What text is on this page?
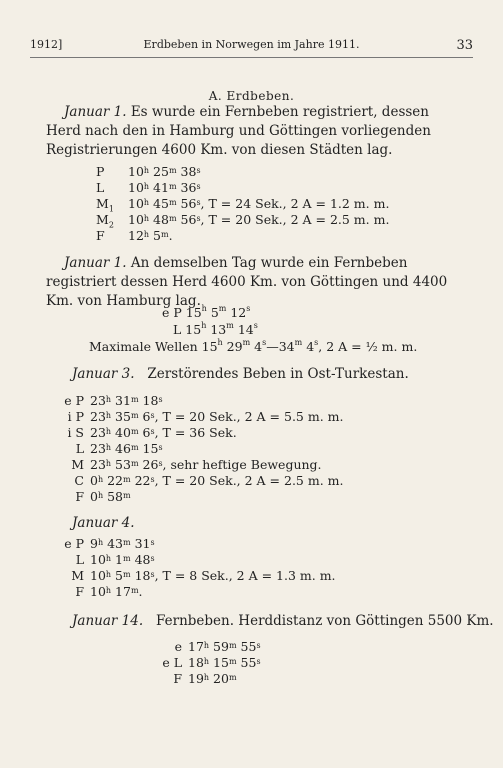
1912]	Erdbeben in Norwegen im Jahre 1911.	33
A. Erdbeben.
Januar 1. Es wurde ein Fernbeben registriert, dessen Herd nach den in Hamburg und Göttingen vorliegenden Registrierungen 4600 Km. von diesen Städten lag.
P 10$^h$ 25$^m$ 38$^s$
L 10$^h$ 41$^m$ 36$^s$
$M_1$ 10$^h$ 45$^m$ 56$^s$, T = 24 Sek., 2 A = 1.2 m. m.
$M_2$ 10$^h$ 48$^m$ 56$^s$, T = 20 Sek., 2 A = 2.5 m. m.
F 12$^h$ 5$^m$.
Januar 1. An demselben Tag wurde ein Fernbeben registriert dessen Herd 4600 Km. von Göttingen und 4400 Km. von Hamburg lag.
e P 15$^h$ 5$^m$ 12$^s$
L 15$^h$ 13$^m$ 14$^s$
Maximale Wellen 15$^h$ 29$^m$ 4$^s$—34$^m$ 4$^s$, 2 A = ½ m. m.
Januar 3. Zerstörendes Beben in Ost-Turkestan.
e P 23$^h$ 31$^m$ 18$^s$
i P 23$^h$ 35$^m$ 6$^s$, T = 20 Sek., 2 A = 5.5 m. m.
i S 23$^h$ 40$^m$ 6$^s$, T = 36 Sek.
L 23$^h$ 46$^m$ 15$^s$
M 23$^h$ 53$^m$ 26$^s$, sehr heftige Bewegung.
C 0$^h$ 22$^m$ 22$^s$, T = 20 Sek., 2 A = 2.5 m. m.
F 0$^h$ 58$^m$
Januar 4.
e P 9$^h$ 43$^m$ 31$^s$
L 10$^h$ 1$^m$ 48$^s$
M 10$^h$ 5$^m$ 18$^s$, T = 8 Sek., 2 A = 1.3 m. m.
F 10$^h$ 17$^m$.
Januar 14. Fernbeben. Herddistanz von Göttingen 5500 Km.
e 17$^h$ 59$^m$ 55$^s$
e L 18$^h$ 15$^m$ 55$^s$
F 19$^h$ 20$^m$
